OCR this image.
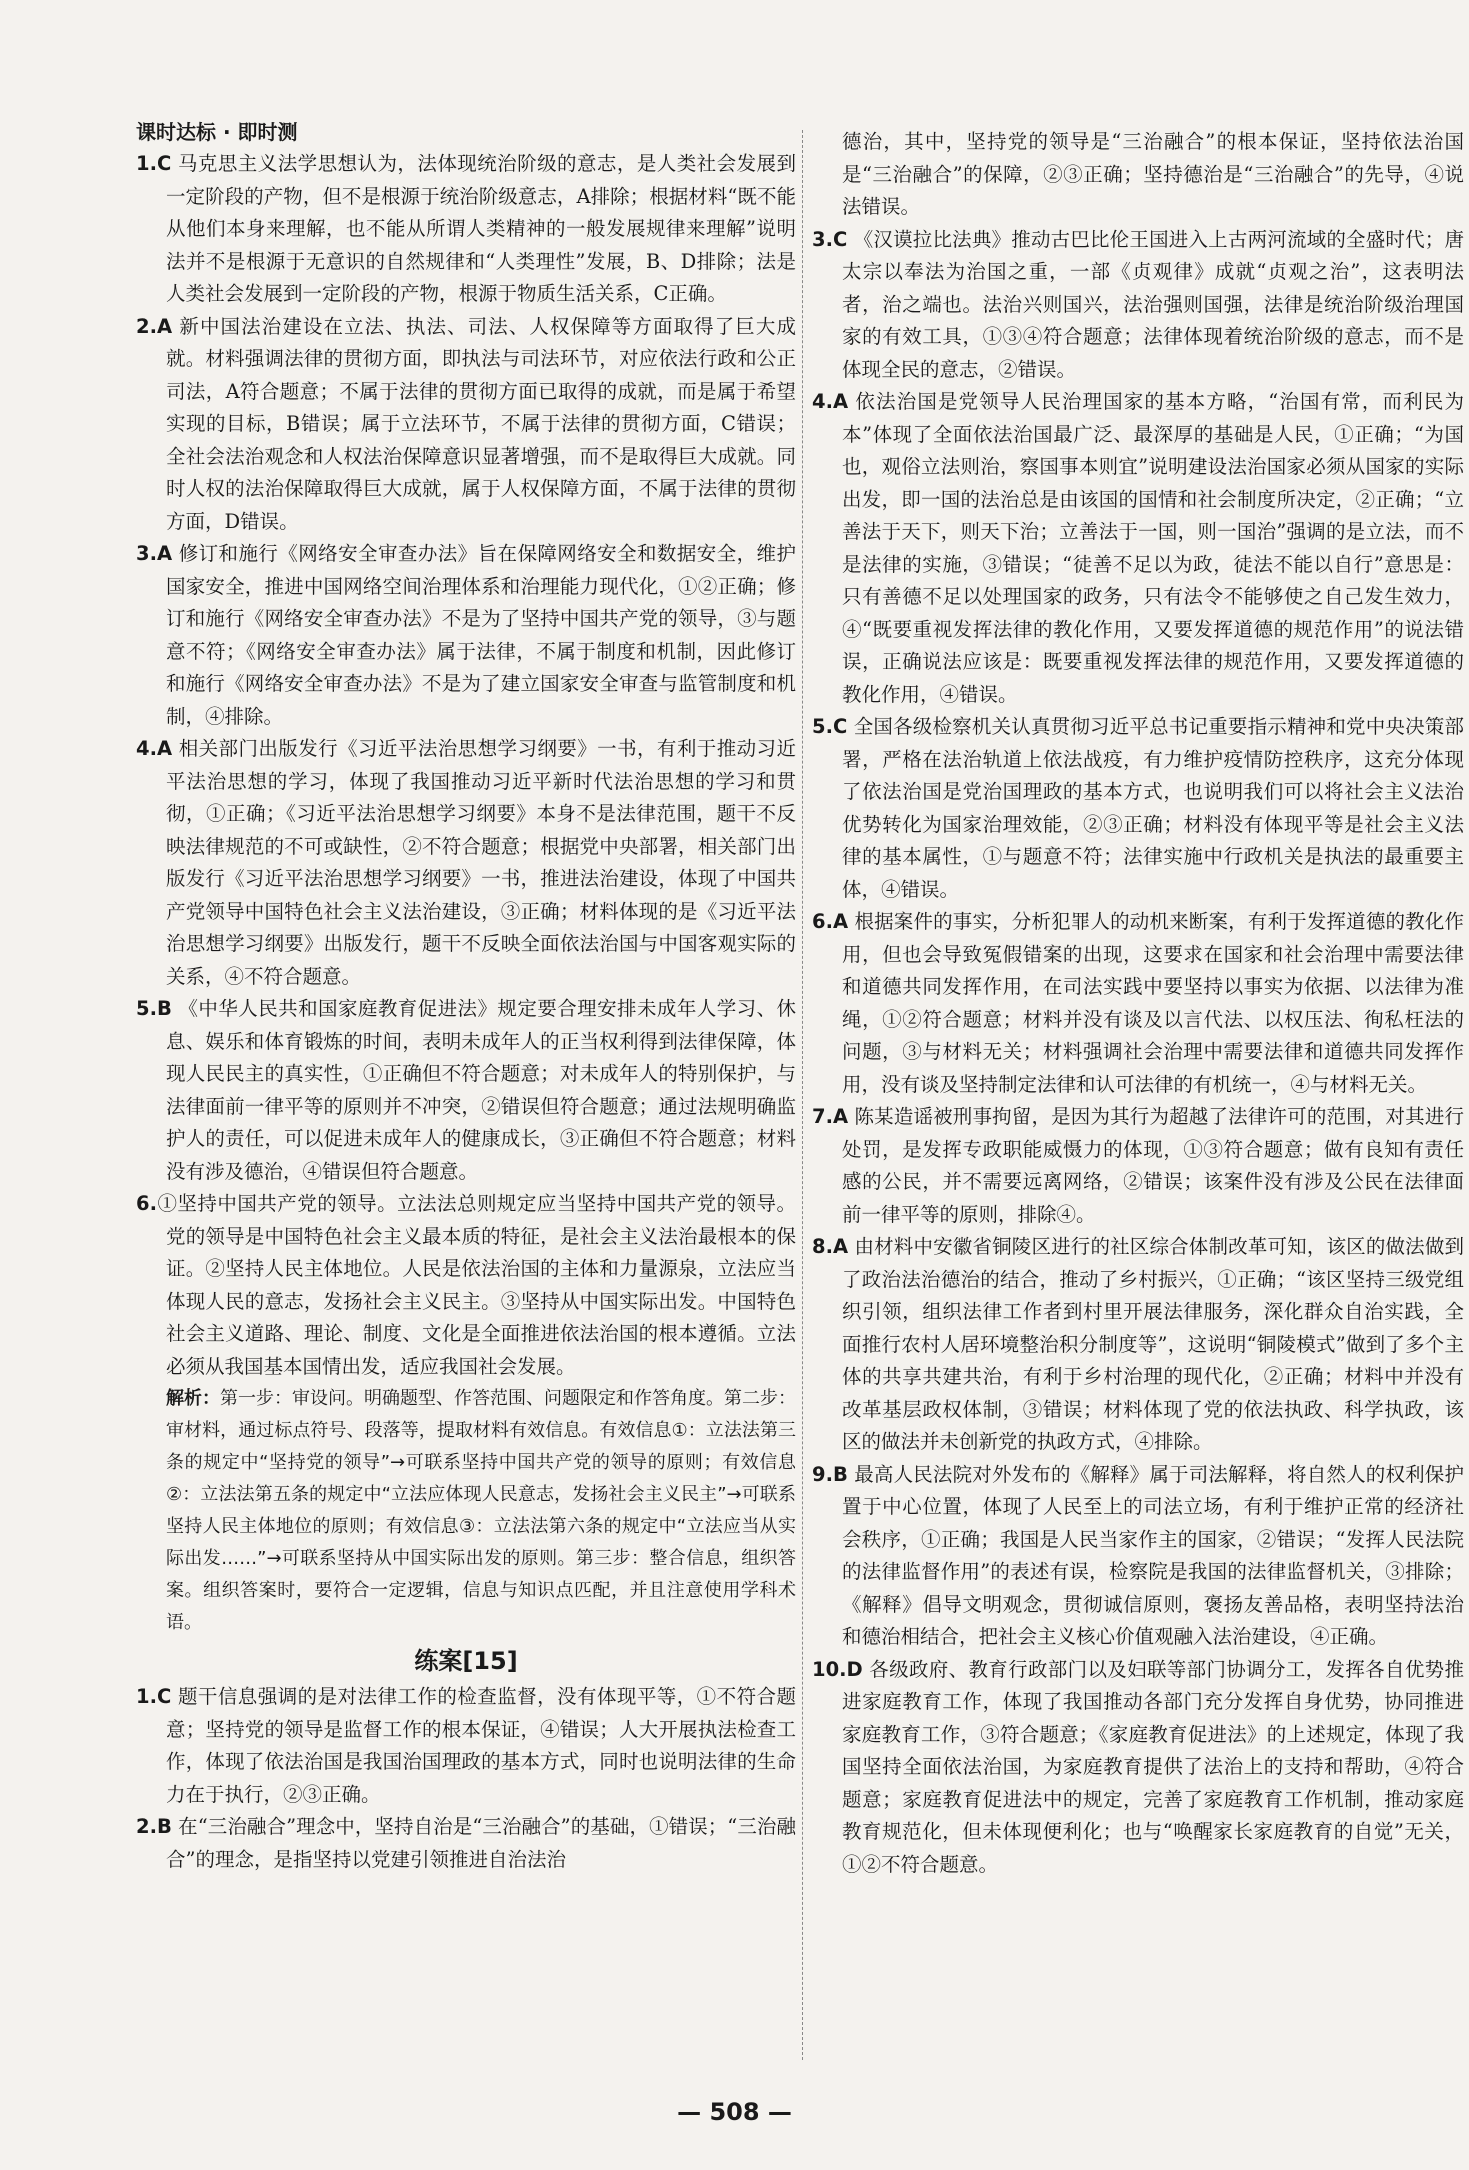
课时达标 · 即时测

1.C 马克思主义法学思想认为，法体现统治阶级的意志，是人类社会发展到一定阶段的产物，但不是根源于统治阶级意志，A排除；根据材料“既不能从他们本身来理解，也不能从所谓人类精神的一般发展规律来理解”说明法并不是根源于无意识的自然规律和“人类理性”发展，B、D排除；法是人类社会发展到一定阶段的产物，根源于物质生活关系，C正确。

2.A 新中国法治建设在立法、执法、司法、人权保障等方面取得了巨大成就。材料强调法律的贯彻方面，即执法与司法环节，对应依法行政和公正司法，A符合题意；不属于法律的贯彻方面已取得的成就，而是属于希望实现的目标，B错误；属于立法环节，不属于法律的贯彻方面，C错误；全社会法治观念和人权法治保障意识显著增强，而不是取得巨大成就。同时人权的法治保障取得巨大成就，属于人权保障方面，不属于法律的贯彻方面，D错误。

3.A 修订和施行《网络安全审查办法》旨在保障网络安全和数据安全，维护国家安全，推进中国网络空间治理体系和治理能力现代化，①②正确；修订和施行《网络安全审查办法》不是为了坚持中国共产党的领导，③与题意不符；《网络安全审查办法》属于法律，不属于制度和机制，因此修订和施行《网络安全审查办法》不是为了建立国家安全审查与监管制度和机制，④排除。

4.A 相关部门出版发行《习近平法治思想学习纲要》一书，有利于推动习近平法治思想的学习，体现了我国推动习近平新时代法治思想的学习和贯彻，①正确；《习近平法治思想学习纲要》本身不是法律范围，题干不反映法律规范的不可或缺性，②不符合题意；根据党中央部署，相关部门出版发行《习近平法治思想学习纲要》一书，推进法治建设，体现了中国共产党领导中国特色社会主义法治建设，③正确；材料体现的是《习近平法治思想学习纲要》出版发行，题干不反映全面依法治国与中国客观实际的关系，④不符合题意。

5.B 《中华人民共和国家庭教育促进法》规定要合理安排未成年人学习、休息、娱乐和体育锻炼的时间，表明未成年人的正当权利得到法律保障，体现人民民主的真实性，①正确但不符合题意；对未成年人的特别保护，与法律面前一律平等的原则并不冲突，②错误但符合题意；通过法规明确监护人的责任，可以促进未成年人的健康成长，③正确但不符合题意；材料没有涉及德治，④错误但符合题意。

6.①坚持中国共产党的领导。立法法总则规定应当坚持中国共产党的领导。党的领导是中国特色社会主义最本质的特征，是社会主义法治最根本的保证。②坚持人民主体地位。人民是依法治国的主体和力量源泉，立法应当体现人民的意志，发扬社会主义民主。③坚持从中国实际出发。中国特色社会主义道路、理论、制度、文化是全面推进依法治国的根本遵循。立法必须从我国基本国情出发，适应我国社会发展。

解析：第一步：审设问。明确题型、作答范围、问题限定和作答角度。第二步：审材料，通过标点符号、段落等，提取材料有效信息。有效信息①：立法法第三条的规定中“坚持党的领导”→可联系坚持中国共产党的领导的原则；有效信息②：立法法第五条的规定中“立法应体现人民意志，发扬社会主义民主”→可联系坚持人民主体地位的原则；有效信息③：立法法第六条的规定中“立法应当从实际出发……”→可联系坚持从中国实际出发的原则。第三步：整合信息，组织答案。组织答案时，要符合一定逻辑，信息与知识点匹配，并且注意使用学科术语。

练案[15]

1.C 题干信息强调的是对法律工作的检查监督，没有体现平等，①不符合题意；坚持党的领导是监督工作的根本保证，④错误；人大开展执法检查工作，体现了依法治国是我国治国理政的基本方式，同时也说明法律的生命力在于执行，②③正确。

2.B 在“三治融合”理念中，坚持自治是“三治融合”的基础，①错误；“三治融合”的理念，是指坚持以党建引领推进自治法治

德治，其中，坚持党的领导是“三治融合”的根本保证，坚持依法治国是“三治融合”的保障，②③正确；坚持德治是“三治融合”的先导，④说法错误。

3.C 《汉谟拉比法典》推动古巴比伦王国进入上古两河流域的全盛时代；唐太宗以奉法为治国之重，一部《贞观律》成就“贞观之治”，这表明法者，治之端也。法治兴则国兴，法治强则国强，法律是统治阶级治理国家的有效工具，①③④符合题意；法律体现着统治阶级的意志，而不是体现全民的意志，②错误。

4.A 依法治国是党领导人民治理国家的基本方略，“治国有常，而利民为本”体现了全面依法治国最广泛、最深厚的基础是人民，①正确；“为国也，观俗立法则治，察国事本则宜”说明建设法治国家必须从国家的实际出发，即一国的法治总是由该国的国情和社会制度所决定，②正确；“立善法于天下，则天下治；立善法于一国，则一国治”强调的是立法，而不是法律的实施，③错误；“徒善不足以为政，徒法不能以自行”意思是：只有善德不足以处理国家的政务，只有法令不能够使之自己发生效力，④“既要重视发挥法律的教化作用，又要发挥道德的规范作用”的说法错误，正确说法应该是：既要重视发挥法律的规范作用，又要发挥道德的教化作用，④错误。

5.C 全国各级检察机关认真贯彻习近平总书记重要指示精神和党中央决策部署，严格在法治轨道上依法战疫，有力维护疫情防控秩序，这充分体现了依法治国是党治国理政的基本方式，也说明我们可以将社会主义法治优势转化为国家治理效能，②③正确；材料没有体现平等是社会主义法律的基本属性，①与题意不符；法律实施中行政机关是执法的最重要主体，④错误。

6.A 根据案件的事实，分析犯罪人的动机来断案，有利于发挥道德的教化作用，但也会导致冤假错案的出现，这要求在国家和社会治理中需要法律和道德共同发挥作用，在司法实践中要坚持以事实为依据、以法律为准绳，①②符合题意；材料并没有谈及以言代法、以权压法、徇私枉法的问题，③与材料无关；材料强调社会治理中需要法律和道德共同发挥作用，没有谈及坚持制定法律和认可法律的有机统一，④与材料无关。

7.A 陈某造谣被刑事拘留，是因为其行为超越了法律许可的范围，对其进行处罚，是发挥专政职能威慑力的体现，①③符合题意；做有良知有责任感的公民，并不需要远离网络，②错误；该案件没有涉及公民在法律面前一律平等的原则，排除④。

8.A 由材料中安徽省铜陵区进行的社区综合体制改革可知，该区的做法做到了政治法治德治的结合，推动了乡村振兴，①正确；“该区坚持三级党组织引领，组织法律工作者到村里开展法律服务，深化群众自治实践，全面推行农村人居环境整治积分制度等”，这说明“铜陵模式”做到了多个主体的共享共建共治，有利于乡村治理的现代化，②正确；材料中并没有改革基层政权体制，③错误；材料体现了党的依法执政、科学执政，该区的做法并未创新党的执政方式，④排除。

9.B 最高人民法院对外发布的《解释》属于司法解释，将自然人的权利保护置于中心位置，体现了人民至上的司法立场，有利于维护正常的经济社会秩序，①正确；我国是人民当家作主的国家，②错误；“发挥人民法院的法律监督作用”的表述有误，检察院是我国的法律监督机关，③排除；《解释》倡导文明观念，贯彻诚信原则，褒扬友善品格，表明坚持法治和德治相结合，把社会主义核心价值观融入法治建设，④正确。

10.D 各级政府、教育行政部门以及妇联等部门协调分工，发挥各自优势推进家庭教育工作，体现了我国推动各部门充分发挥自身优势，协同推进家庭教育工作，③符合题意；《家庭教育促进法》的上述规定，体现了我国坚持全面依法治国，为家庭教育提供了法治上的支持和帮助，④符合题意；家庭教育促进法中的规定，完善了家庭教育工作机制，推动家庭教育规范化，但未体现便利化；也与“唤醒家长家庭教育的自觉”无关，①②不符合题意。

— 508 —
